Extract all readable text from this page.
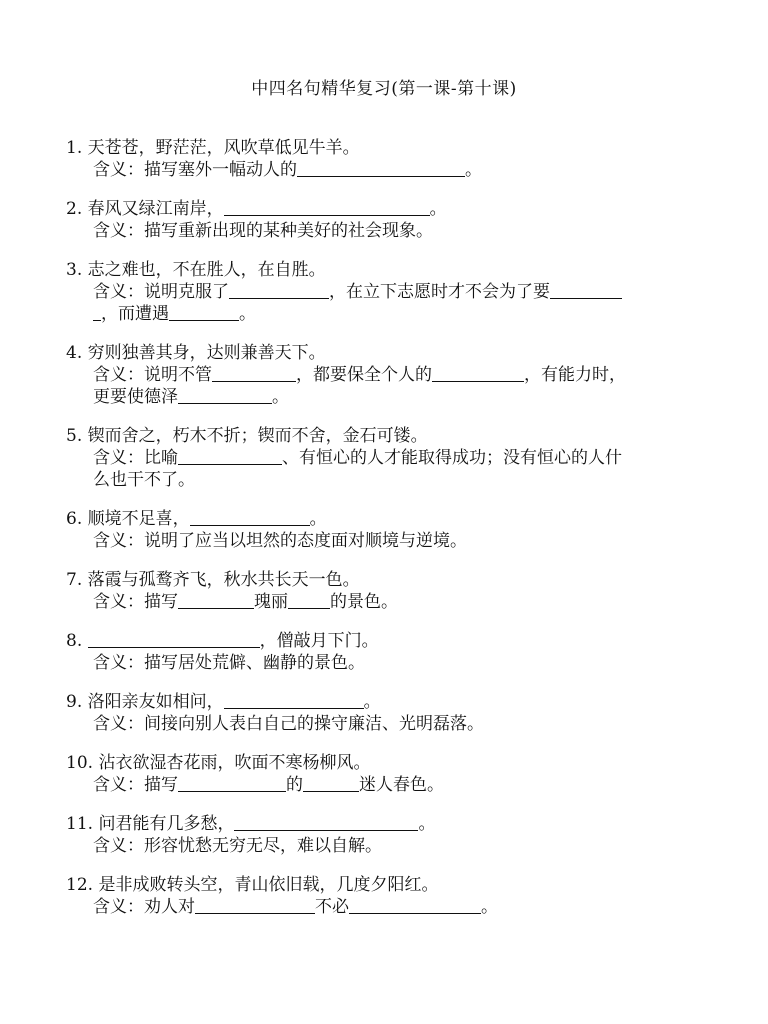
中四名句精华复习(第一课-第十课)
1. 天苍苍，野茫茫，风吹草低见牛羊。
含义：描写塞外一幅动人的	。
2. 春风又绿江南岸，	。
含义：描写重新出现的某种美好的社会现象。
3. 志之难也，不在胜人，在自胜。
含义：说明克服了	，在立下志愿时才不会为了要
，而遭遇	。
4. 穷则独善其身，达则兼善天下。
含义：说明不管	，都要保全个人的	，有能力时，
更要使德泽	。
5. 锲而舍之，朽木不折；锲而不舍，金石可镂。
含义：比喻	、有恒心的人才能取得成功；没有恒心的人什
么也干不了。
6. 顺境不足喜，	。
含义：说明了应当以坦然的态度面对顺境与逆境。
7. 落霞与孤鹜齐飞，秋水共长天一色。
含义：描写	瑰丽 的景色。
8.	，僧敲月下门。
含义：描写居处荒僻、幽静的景色。
9. 洛阳亲友如相问，	。
含义：间接向别人表白自己的操守廉洁、光明磊落。
10. 沾衣欲湿杏花雨，吹面不寒杨柳风。
含义：描写	的	迷人春色。
11. 问君能有几多愁，	。
含义：形容忧愁无穷无尽，难以自解。
12. 是非成败转头空，青山依旧载，几度夕阳红。
含义：劝人对	不必	。
